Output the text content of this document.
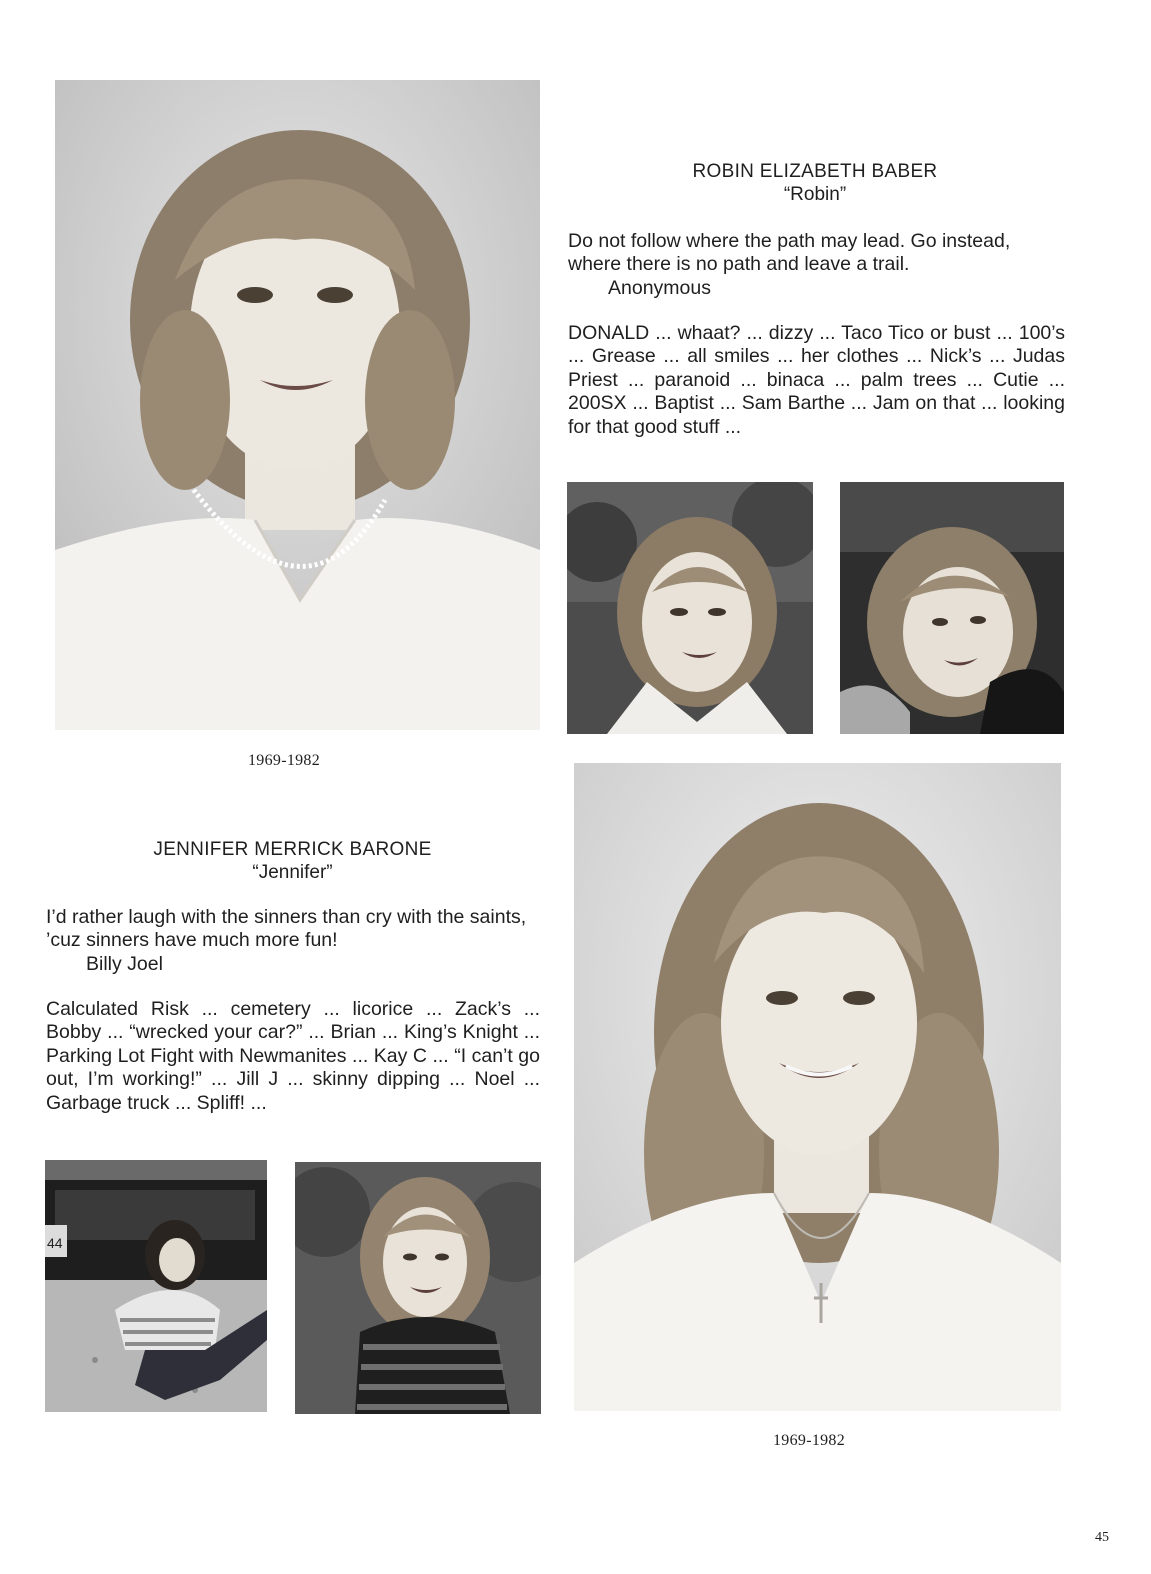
ROBIN ELIZABETH BABER
“Robin”
Do not follow where the path may lead. Go instead, where there is no path and leave a trail.
Anonymous
DONALD ... whaat? ... dizzy ... Taco Tico or bust ... 100’s ... Grease ... all smiles ... her clothes ... Nick’s ... Judas Priest ... paranoid ... binaca ... palm trees ... Cutie ... 200SX ... Baptist ... Sam Barthe ... Jam on that ... looking for that good stuff ...
1969-1982
JENNIFER MERRICK BARONE
“Jennifer”
I’d rather laugh with the sinners than cry with the saints, ’cuz sinners have much more fun!
Billy Joel
Calculated Risk ... cemetery ... licorice ... Zack’s ... Bobby ... “wrecked your car?” ... Brian ... King’s Knight ... Parking Lot Fight with Newmanites ... Kay C ... “I can’t go out, I’m working!” ... Jill J ... skinny dipping ... Noel ... Garbage truck ... Spliff! ...
44
1969-1982
45
